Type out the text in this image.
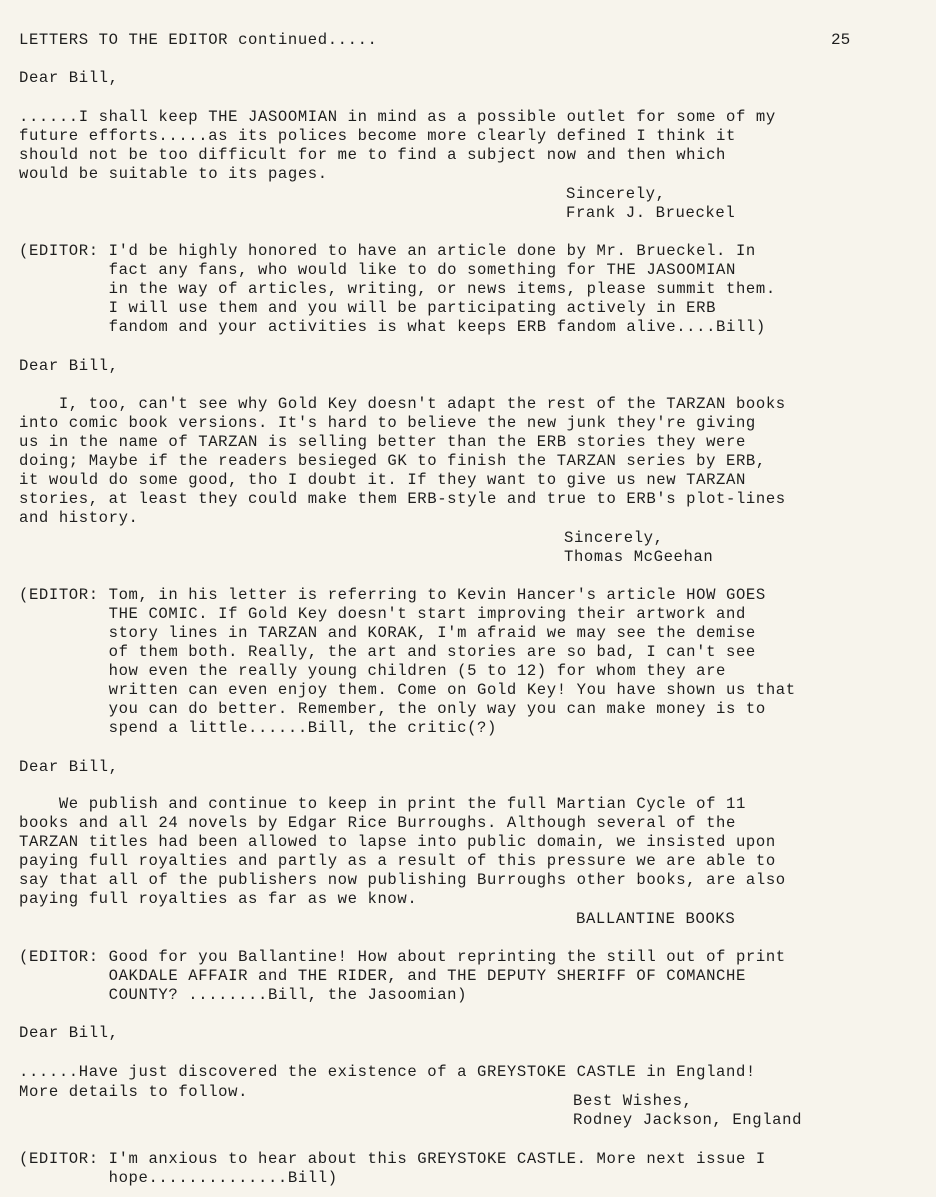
LETTERS TO THE EDITOR continued.....	25
Dear Bill,
......I shall keep THE JASOOMIAN in mind as a possible outlet for some of my
future efforts.....as its polices become more clearly defined I think it
should not be too difficult for me to find a subject now and then which
would be suitable to its pages.
Sincerely,
Frank J. Brueckel
(EDITOR: I'd be highly honored to have an article done by Mr. Brueckel. In
fact any fans, who would like to do something for THE JASOOMIAN
in the way of articles, writing, or news items, please summit them.
I will use them and you will be participating actively in ERB
fandom and your activities is what keeps ERB fandom alive....Bill)
Dear Bill,
I, too, can't see why Gold Key doesn't adapt the rest of the TARZAN books
into comic book versions. It's hard to believe the new junk they're giving
us in the name of TARZAN is selling better than the ERB stories they were
doing; Maybe if the readers besieged GK to finish the TARZAN series by ERB,
it would do some good, tho I doubt it. If they want to give us new TARZAN
stories, at least they could make them ERB-style and true to ERB's plot-lines
and history.
Sincerely,
Thomas McGeehan
(EDITOR: Tom, in his letter is referring to Kevin Hancer's article HOW GOES
THE COMIC. If Gold Key doesn't start improving their artwork and
story lines in TARZAN and KORAK, I'm afraid we may see the demise
of them both. Really, the art and stories are so bad, I can't see
how even the really young children (5 to 12) for whom they are
written can even enjoy them. Come on Gold Key! You have shown us that
you can do better. Remember, the only way you can make money is to
spend a little......Bill, the critic(?)
Dear Bill,
We publish and continue to keep in print the full Martian Cycle of 11
books and all 24 novels by Edgar Rice Burroughs. Although several of the
TARZAN titles had been allowed to lapse into public domain, we insisted upon
paying full royalties and partly as a result of this pressure we are able to
say that all of the publishers now publishing Burroughs other books, are also
paying full royalties as far as we know.
BALLANTINE BOOKS
(EDITOR: Good for you Ballantine! How about reprinting the still out of print
OAKDALE AFFAIR and THE RIDER, and THE DEPUTY SHERIFF OF COMANCHE
COUNTY? ........Bill, the Jasoomian)
Dear Bill,
......Have just discovered the existence of a GREYSTOKE CASTLE in England!
More details to follow.	Best Wishes,
Rodney Jackson, England
(EDITOR: I'm anxious to hear about this GREYSTOKE CASTLE. More next issue I
hope..............Bill)
